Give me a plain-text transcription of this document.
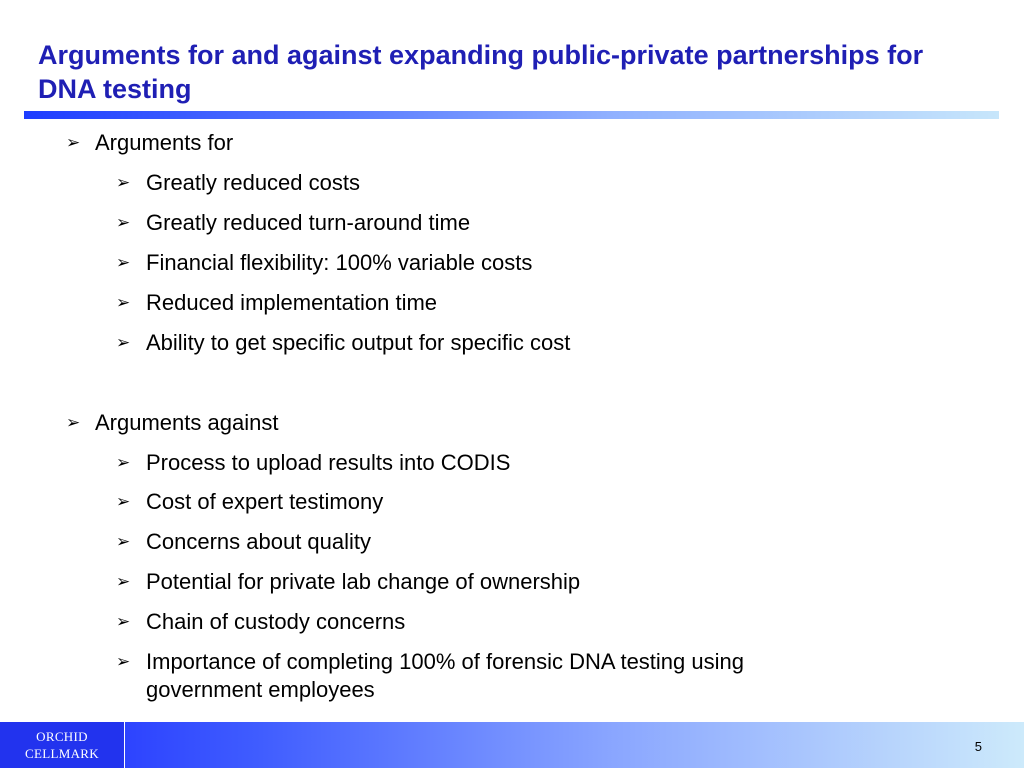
Arguments for and against expanding public-private partnerships for DNA testing
➢ Arguments for
➢ Greatly reduced costs
➢ Greatly reduced turn-around time
➢ Financial flexibility: 100% variable costs
➢ Reduced implementation time
➢ Ability to get specific output for specific cost
➢ Arguments against
➢ Process to upload results into CODIS
➢ Cost of expert testimony
➢ Concerns about quality
➢ Potential for private lab change of ownership
➢ Chain of custody concerns
➢ Importance of completing 100% of forensic DNA testing using government employees
ORCHID
CELLMARK	5
